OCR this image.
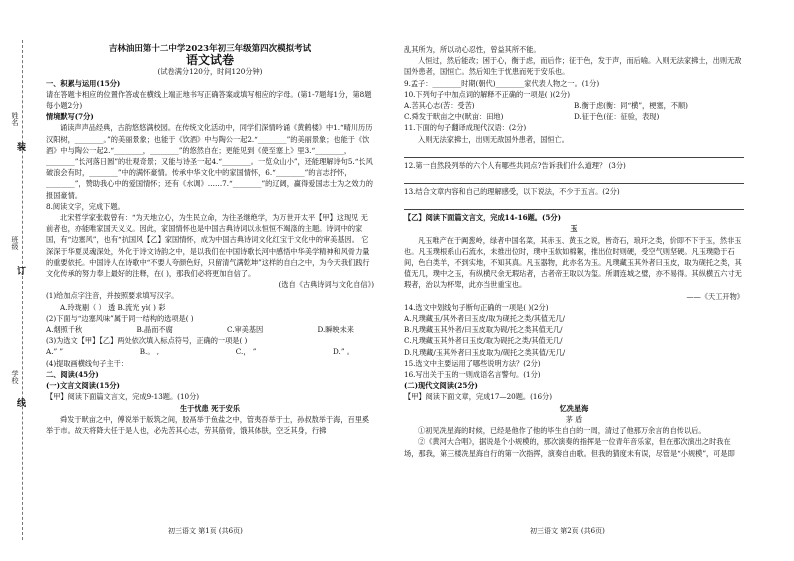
姓名
班级
学校
装
订
线

吉林油田第十二中学2023年初三年级第四次模拟考试

语文试卷

(试卷满分120分，时间120分钟)

一、积累与运用(15分)

请在答题卡相应的位置作答或在横线上端正地书写正确答案或填写相应的字母。(第1-7题每1分，第8题每小题2分)

情境默写(7分)

诵读声声品经典，古韵悠悠满校园。在传统文化活动中，同学们深情吟诵《黄鹤楼》中1.“晴川历历汉阳树，________。”的美丽景象；也能于《饮酒》中与陶公一起2.“________”的美丽景象；也能于《饮酒》中与陶公一起2.“________，________”的悠然自在；更能见到《使至塞上》里3.“________，________”长河落日圆”的壮观奇景；又能与诗圣一起4.“________。一览众山小”，还能理解诗句5.“长风破浪会有时，________”中的满怀豪情。传承中华文化中的家国情怀，6.“________”的言志抒怀，________”，赞助我心中的爱国情怀；还有《水调》……7.“________”的辽阔，赢得爱国志士为之效力的报国豪情。

8.阅读文字，完成下题。

北宋哲学家张载曾有：“为天地立心，为生民立命，为往圣继绝学，为万世开太平【甲】这现见 无前者也，亦能唯家国天义义。因此，家国情怀也是中国古典诗词以永恒恒不竭涤的主题。诗词中的家国，有“边塞风”，也有“抗国风【乙】家国情怀，成为中国古典诗词文化红宝于文化中的审美基因。 它深深于华夏灵魂深处，外化于诗文诗韵之中，是以我们在中国诗歌长河中感悟中华美学精神和风骨力量的重要依托。中国诗人在诗歌中“不要人夸颜色好，只留清气满乾坤”这样的自白之中，为今天我们践行文化传承的努力奉上最好的注释，在( )，那我们必将更加自信了。

(选自《古典诗词与文化自信》)

(1)给加点字注音，并按照要求填写汉字。

A.玲珑剔（ ） 透 B.流光 yì( ) 彩

(2)下面与“边塞风味”属于同一结构的选项是( )

A.烟照千秋	B.晶而不腐	C.审美基因	D.瞬映未来

(3)为选文【甲】【乙】两处依次填入标点符号，正确的一项是( )

A.” ”	B.。 ,	C.， ”	D.” 。

(4)提取画横线句子主干：

二、阅读(45分)

(一)文言文阅读(15分)

【甲】阅读下面篇文言文，完成9-13题。(10分)

生于忧患 死于安乐

舜发于畎亩之中，傅说举于版筑之间，胶鬲举于鱼盐之中，管夷吾举于士，孙叔敖举于海，百里奚举于市。故天将降大任于是人也，必先苦其心志，劳其筋骨，饿其体肤，空乏其身，行拂

初三语文 第1页 (共6页)

乱其所为，所以动心忍性，曾益其所不能。

人恒过，然后能改；困于心，衡于虑，而后作；征于色，发于声，而后喻。入则无法家拂士，出则无敌国外患者，国恒亡。然后知生于忧患而死于安乐也。

9.孟子：________时期(朝代)________家代表人物之一。(1分)

10.下列句子中加点词的解释不正确的一项是( )(2分)

A.苦其心志(苦：受苦)	B.衡于虑(衡：同“横”，梗塞，不顺)
C.舜发于畎亩之中(畎亩：田地)	D.征于色(征：征验，表现)

11.下面的句子翻译成现代汉语：(2分)

入则无法家拂士，出则无敌国外患者，国恒亡。

12.第一自然段列举的六个人有哪些共同点?告诉我们什么道理？ (3分)

13.结合文章内容和自己的理解感受，以下说法，不少于五言。(2分)

【乙】阅读下面篇文言文，完成14-16题。(5分)

玉

凡玉唯产在于阗葱岭，绿者中国名菜，其赤玉、黄玉之说，皆奇石，琅玕之类，价即不下于玉，然非玉也。凡玉璞根系山石流水，未推出位时，璞中玉软如棉絮，推出位时则硬，受空气则坚硬。凡玉璞隐于石间，色白类羊，不到实地，不知其真。凡玉器物，此亦名为玉。凡璞藏玉其外者曰玉皮，取为砚托之类，其值无几，璞中之玉，有纵横尺余无瑕玷者，古者帝王取以为玺。所谓连城之璧，亦不易得。其纵横五六寸无瑕者，治以为杯斝，此亦当世重宝也。

——《天工开物》

14.选文中划线句子断句正确的一项是( )(2分)

A.凡璞藏玉/其外者曰玉皮/取为砚托之类/其值无几/

B.凡璞藏玉其外者/曰玉皮取为砚/托之类其值无几/

C.凡璞藏玉其外者曰玉皮/取为砚托之类/其值无几/

D.凡璞藏/玉其外者曰玉皮取为/砚托之类其值/无几/

15.选文中主要运用了哪些说明方法？(2分)

16.写出关于玉的一则成语名言警句。(1分)

(二)现代文阅读(25分)

【甲】阅读下面文章，完成17—20题。(16分)

忆冼星海

茅 盾

①初见冼星海的时候，已经是他作了他的毕生自白的一周，清过了他那万余言的自传以后。

②《黄河大合唱》，据说是个小规模的，那次演奏的指挥是一位青年音乐家，但在那次演出之时我在场，那我，第三楼冼星海自行的第一次指挥，演奏自由歌。但我的猜度未有误，尽管是“小规模”，可是即

初三语文 第2页 (共6页)
